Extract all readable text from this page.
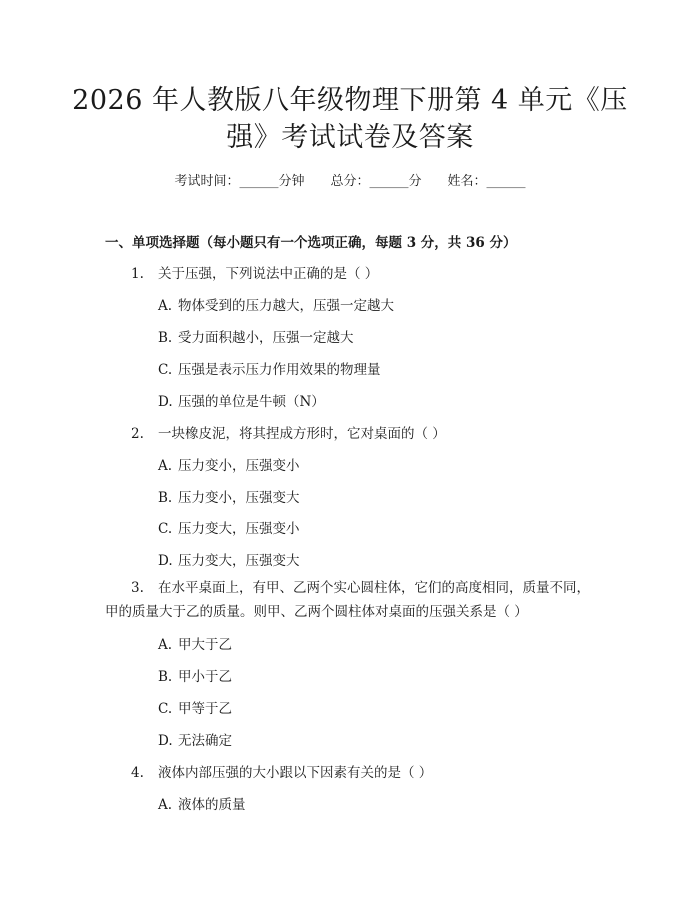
2026 年人教版八年级物理下册第 4 单元《压
强》考试试卷及答案
考试时间：______分钟 总分：______分 姓名：______
一、单项选择题（每小题只有一个选项正确，每题 3 分，共 36 分）
1. 关于压强，下列说法中正确的是（ ）
A. 物体受到的压力越大，压强一定越大
B. 受力面积越小，压强一定越大
C. 压强是表示压力作用效果的物理量
D. 压强的单位是牛顿（N）
2. 一块橡皮泥，将其捏成方形时，它对桌面的（ ）
A. 压力变小，压强变小
B. 压力变小，压强变大
C. 压力变大，压强变小
D. 压力变大，压强变大
3. 在水平桌面上，有甲、乙两个实心圆柱体，它们的高度相同，质量不同，
甲的质量大于乙的质量。则甲、乙两个圆柱体对桌面的压强关系是（ ）
A. 甲大于乙
B. 甲小于乙
C. 甲等于乙
D. 无法确定
4. 液体内部压强的大小跟以下因素有关的是（ ）
A. 液体的质量
